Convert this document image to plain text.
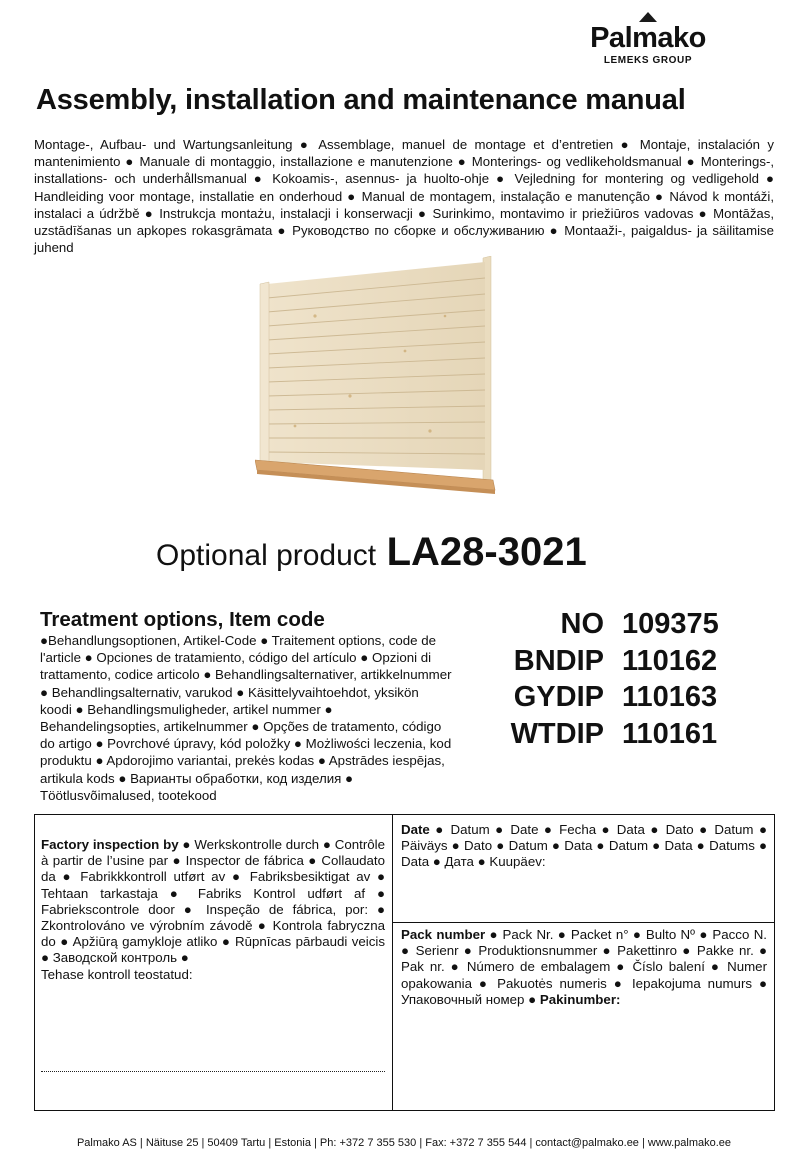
Palmako
LEMEKS GROUP
Assembly, installation and maintenance manual
Montage-, Aufbau- und Wartungsanleitung ● Assemblage, manuel de montage et d’entretien ● Montaje, instalación y mantenimiento ● Manuale di montaggio, installazione e manutenzione ● Monterings- og vedlikeholdsmanual ● Monterings-, installations- och underhållsmanual ● Kokoamis-, asennus- ja huolto-ohje ● Vejledning for montering og vedligehold ● Handleiding voor montage, installatie en onderhoud ● Manual de montagem, instalação e manutenção ● Návod k montáži, instalaci a údržbě ● Instrukcja montażu, instalacji i konserwacji ● Surinkimo, montavimo ir priežiūros vadovas ● Montāžas, uzstādīšanas un apkopes rokasgrāmata ● Руководство по сборке и обслуживанию ● Montaaži-, paigaldus- ja säilitamise juhend
Optional product LA28-3021
Treatment options, Item code
●Behandlungsoptionen, Artikel-Code ● Traitement options, code de l'article ● Opciones de tratamiento, código del artículo ● Opzioni di trattamento, codice articolo ● Behandlingsalternativer, artikkelnummer ● Behandlingsalternativ, varukod ● Käsittelyvaihtoehdot, yksikön koodi ● Behandlingsmuligheder, artikel nummer ● Behandelingsopties, artikelnummer ● Opções de tratamento, código do artigo ● Povrchové úpravy, kód položky ● Możliwości leczenia, kod produktu ● Apdorojimo variantai, prekės kodas ● Apstrādes iespējas, artikula kods ● Варианты обработки, код изделия ● Töötlusvõimalused, tootekood
NO 109375
BNDIP 110162
GYDIP 110163
WTDIP 110161
Factory inspection by ● Werkskontrolle durch ● Contrôle à partir de l’usine par ● Inspector de fábrica ● Collaudato da ● Fabrikkkontroll utført av ● Fabriksbesiktigat av ● Tehtaan tarkastaja ● Fabriks Kontrol udført af ● Fabriekscontrole door ● Inspeção de fábrica, por: ● Zkontrolováno ve výrobním závodě ● Kontrola fabryczna do ● Apžiūrą gamykloje atliko ● Rūpnīcas pārbaudi veicis ● Заводской контроль ●
Tehase kontroll teostatud:
Date ● Datum ● Date ● Fecha ● Data ● Dato ● Datum ● Päiväys ● Dato ● Datum ● Data ● Datum ● Data ● Datums ● Data ● Дата ● Kuupäev:
Pack number ● Pack Nr. ● Packet n° ● Bulto Nº ● Pacco N. ● Serienr ● Produktionsnummer ● Pakettinro ● Pakke nr. ● Pak nr. ● Número de embalagem ● Číslo balení ● Numer opakowania ● Pakuotės numeris ● Iepakojuma numurs ● Упаковочный номер ● Pakinumber:
Palmako AS | Näituse 25 | 50409 Tartu | Estonia | Ph: +372 7 355 530 | Fax: +372 7 355 544 | contact@palmako.ee | www.palmako.ee
